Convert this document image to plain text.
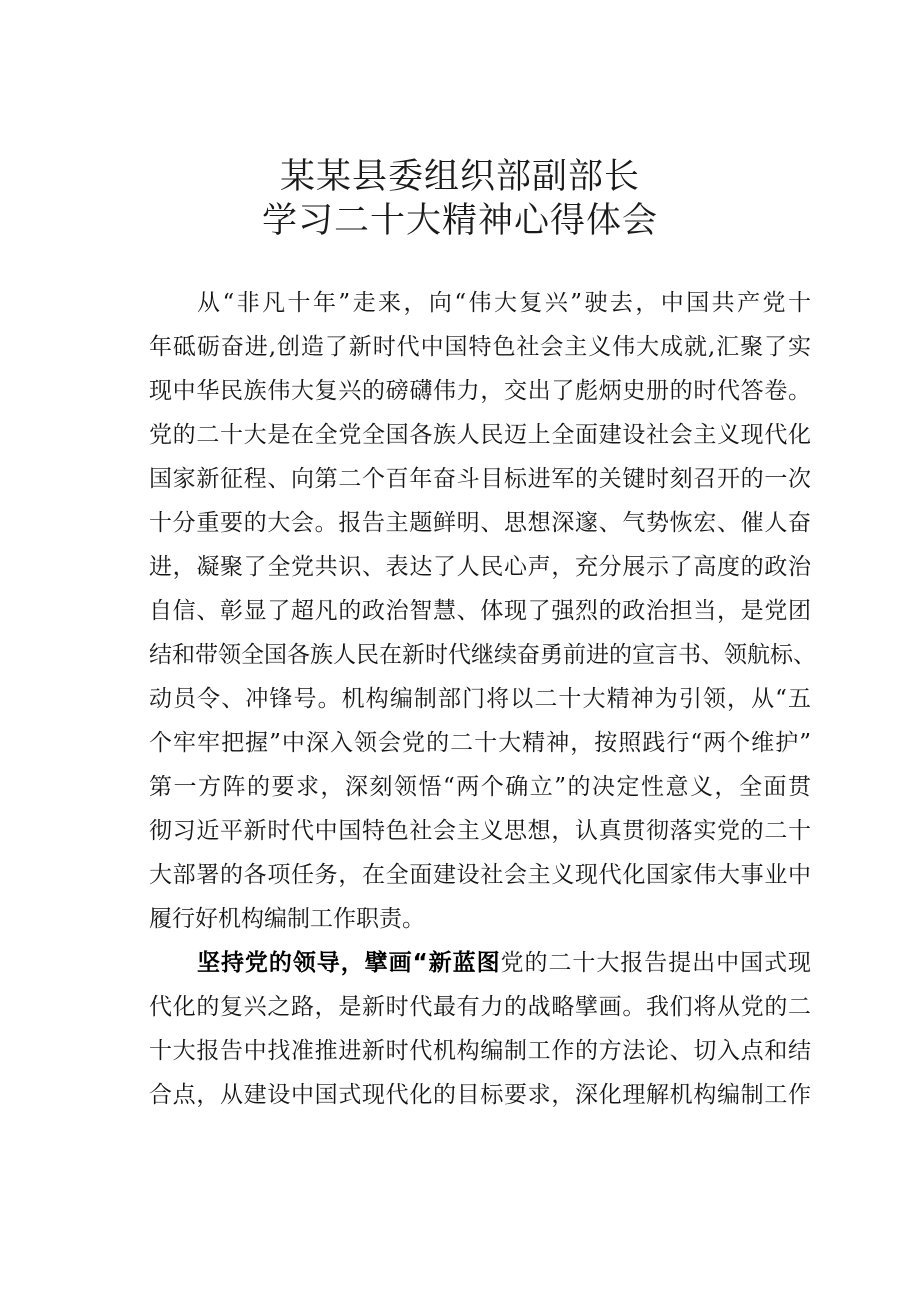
某某县委组织部副部长
学习二十大精神心得体会
从“非凡十年”走来，向“伟大复兴”驶去，中国共产党十
年砥砺奋进,创造了新时代中国特色社会主义伟大成就,汇聚了实
现中华民族伟大复兴的磅礴伟力，交出了彪炳史册的时代答卷。
党的二十大是在全党全国各族人民迈上全面建设社会主义现代化
国家新征程、向第二个百年奋斗目标进军的关键时刻召开的一次
十分重要的大会。报告主题鲜明、思想深邃、气势恢宏、催人奋
进，凝聚了全党共识、表达了人民心声，充分展示了高度的政治
自信、彰显了超凡的政治智慧、体现了强烈的政治担当，是党团
结和带领全国各族人民在新时代继续奋勇前进的宣言书、领航标、
动员令、冲锋号。机构编制部门将以二十大精神为引领，从“五
个牢牢把握”中深入领会党的二十大精神，按照践行“两个维护”
第一方阵的要求，深刻领悟“两个确立”的决定性意义，全面贯
彻习近平新时代中国特色社会主义思想，认真贯彻落实党的二十
大部署的各项任务，在全面建设社会主义现代化国家伟大事业中
履行好机构编制工作职责。
坚持党的领导，擘画“新蓝图党的二十大报告提出中国式现
代化的复兴之路，是新时代最有力的战略擘画。我们将从党的二
十大报告中找准推进新时代机构编制工作的方法论、切入点和结
合点，从建设中国式现代化的目标要求，深化理解机构编制工作
